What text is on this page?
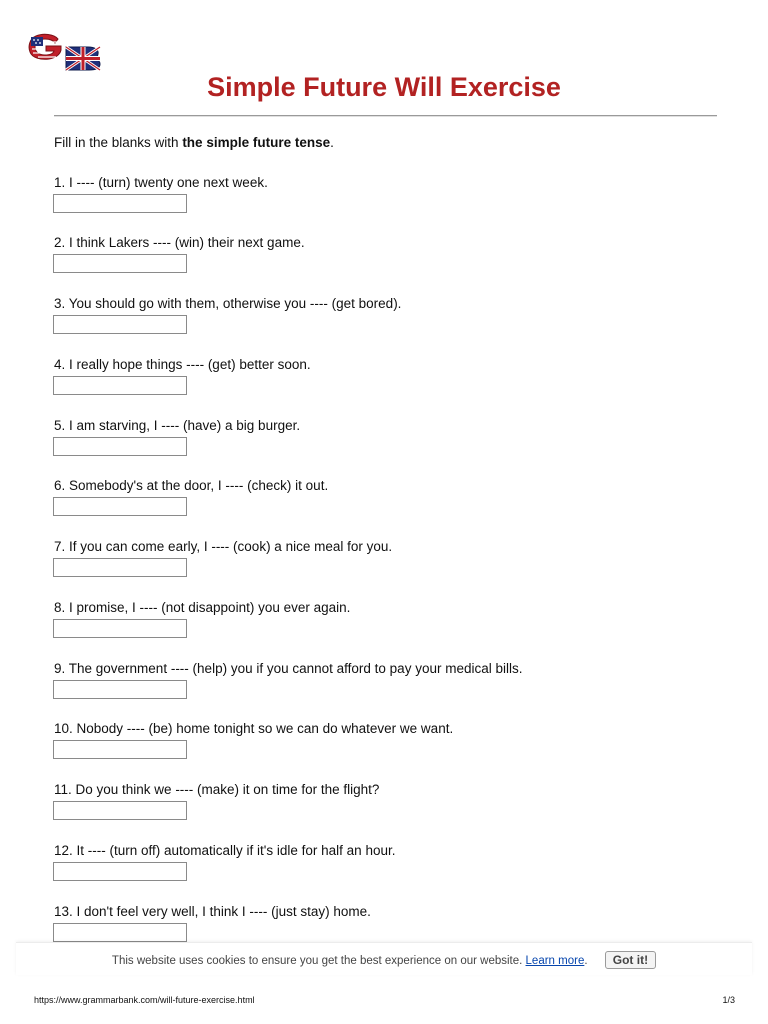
Simple Future Will Exercise
Fill in the blanks with the simple future tense.
1. I ---- (turn) twenty one next week.
2. I think Lakers ---- (win) their next game.
3. You should go with them, otherwise you ---- (get bored).
4. I really hope things ---- (get) better soon.
5. I am starving, I ---- (have) a big burger.
6. Somebody's at the door, I ---- (check) it out.
7. If you can come early, I ---- (cook) a nice meal for you.
8. I promise, I ---- (not disappoint) you ever again.
9. The government ---- (help) you if you cannot afford to pay your medical bills.
10. Nobody ---- (be) home tonight so we can do whatever we want.
11. Do you think we ---- (make) it on time for the flight?
12. It ---- (turn off) automatically if it's idle for half an hour.
13. I don't feel very well, I think I ---- (just stay) home.
This website uses cookies to ensure you get the best experience on our website. Learn more. Got it!
https://www.grammarbank.com/will-future-exercise.html	1/3
